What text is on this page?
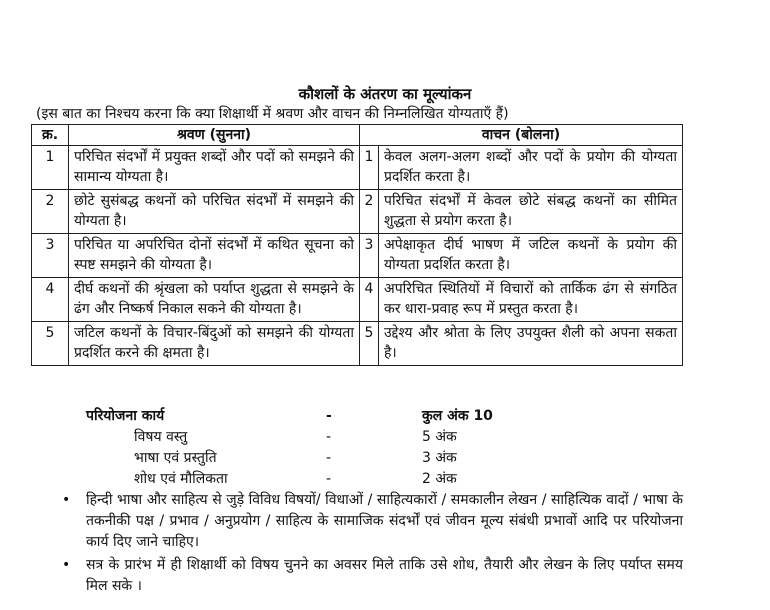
कौशलों के अंतरण का मूल्यांकन
(इस बात का निश्चय करना कि क्या शिक्षार्थी में श्रवण और वाचन की निम्नलिखित योग्यताएँ हैं)
क्र.	श्रवण (सुनना)	वाचन (बोलना)	
1	परिचित संदर्भों में प्रयुक्त शब्दों और पदों को समझने की सामान्य योग्यता है।	1	केवल अलग-अलग शब्दों और पदों के प्रयोग की योग्यता प्रदर्शित करता है।
2	छोटे सुसंबद्ध कथनों को परिचित संदर्भों में समझने की योग्यता है।	2	परिचित संदर्भों में केवल छोटे संबद्ध कथनों का सीमित शुद्धता से प्रयोग करता है।
3	परिचित या अपरिचित दोनों संदर्भों में कथित सूचना को स्पष्ट समझने की योग्यता है।	3	अपेक्षाकृत दीर्घ भाषण में जटिल कथनों के प्रयोग की योग्यता प्रदर्शित करता है।
4	दीर्घ कथनों की श्रृंखला को पर्याप्त शुद्धता से समझने के ढंग और निष्कर्ष निकाल सकने की योग्यता है।	4	अपरिचित स्थितियों में विचारों को तार्किक ढंग से संगठित कर धारा-प्रवाह रूप में प्रस्तुत करता है।
5	जटिल कथनों के विचार-बिंदुओं को समझने की योग्यता प्रदर्शित करने की क्षमता है।	5	उद्देश्य और श्रोता के लिए उपयुक्त शैली को अपना सकता है।
परियोजना कार्य	-	कुल अंक 10
विषय वस्तु	-	5 अंक
भाषा एवं प्रस्तुति	-	3 अंक
शोध एवं मौलिकता	-	2 अंक
• हिन्दी भाषा और साहित्य से जुड़े विविध विषयों/ विधाओं / साहित्यकारों / समकालीन लेखन / साहित्यिक वादों / भाषा के तकनीकी पक्ष / प्रभाव / अनुप्रयोग / साहित्य के सामाजिक संदर्भों एवं जीवन मूल्य संबंधी प्रभावों आदि पर परियोजना कार्य दिए जाने चाहिए।
• सत्र के प्रारंभ में ही शिक्षार्थी को विषय चुनने का अवसर मिले ताकि उसे शोध, तैयारी और लेखन के लिए पर्याप्त समय मिल सके ।
